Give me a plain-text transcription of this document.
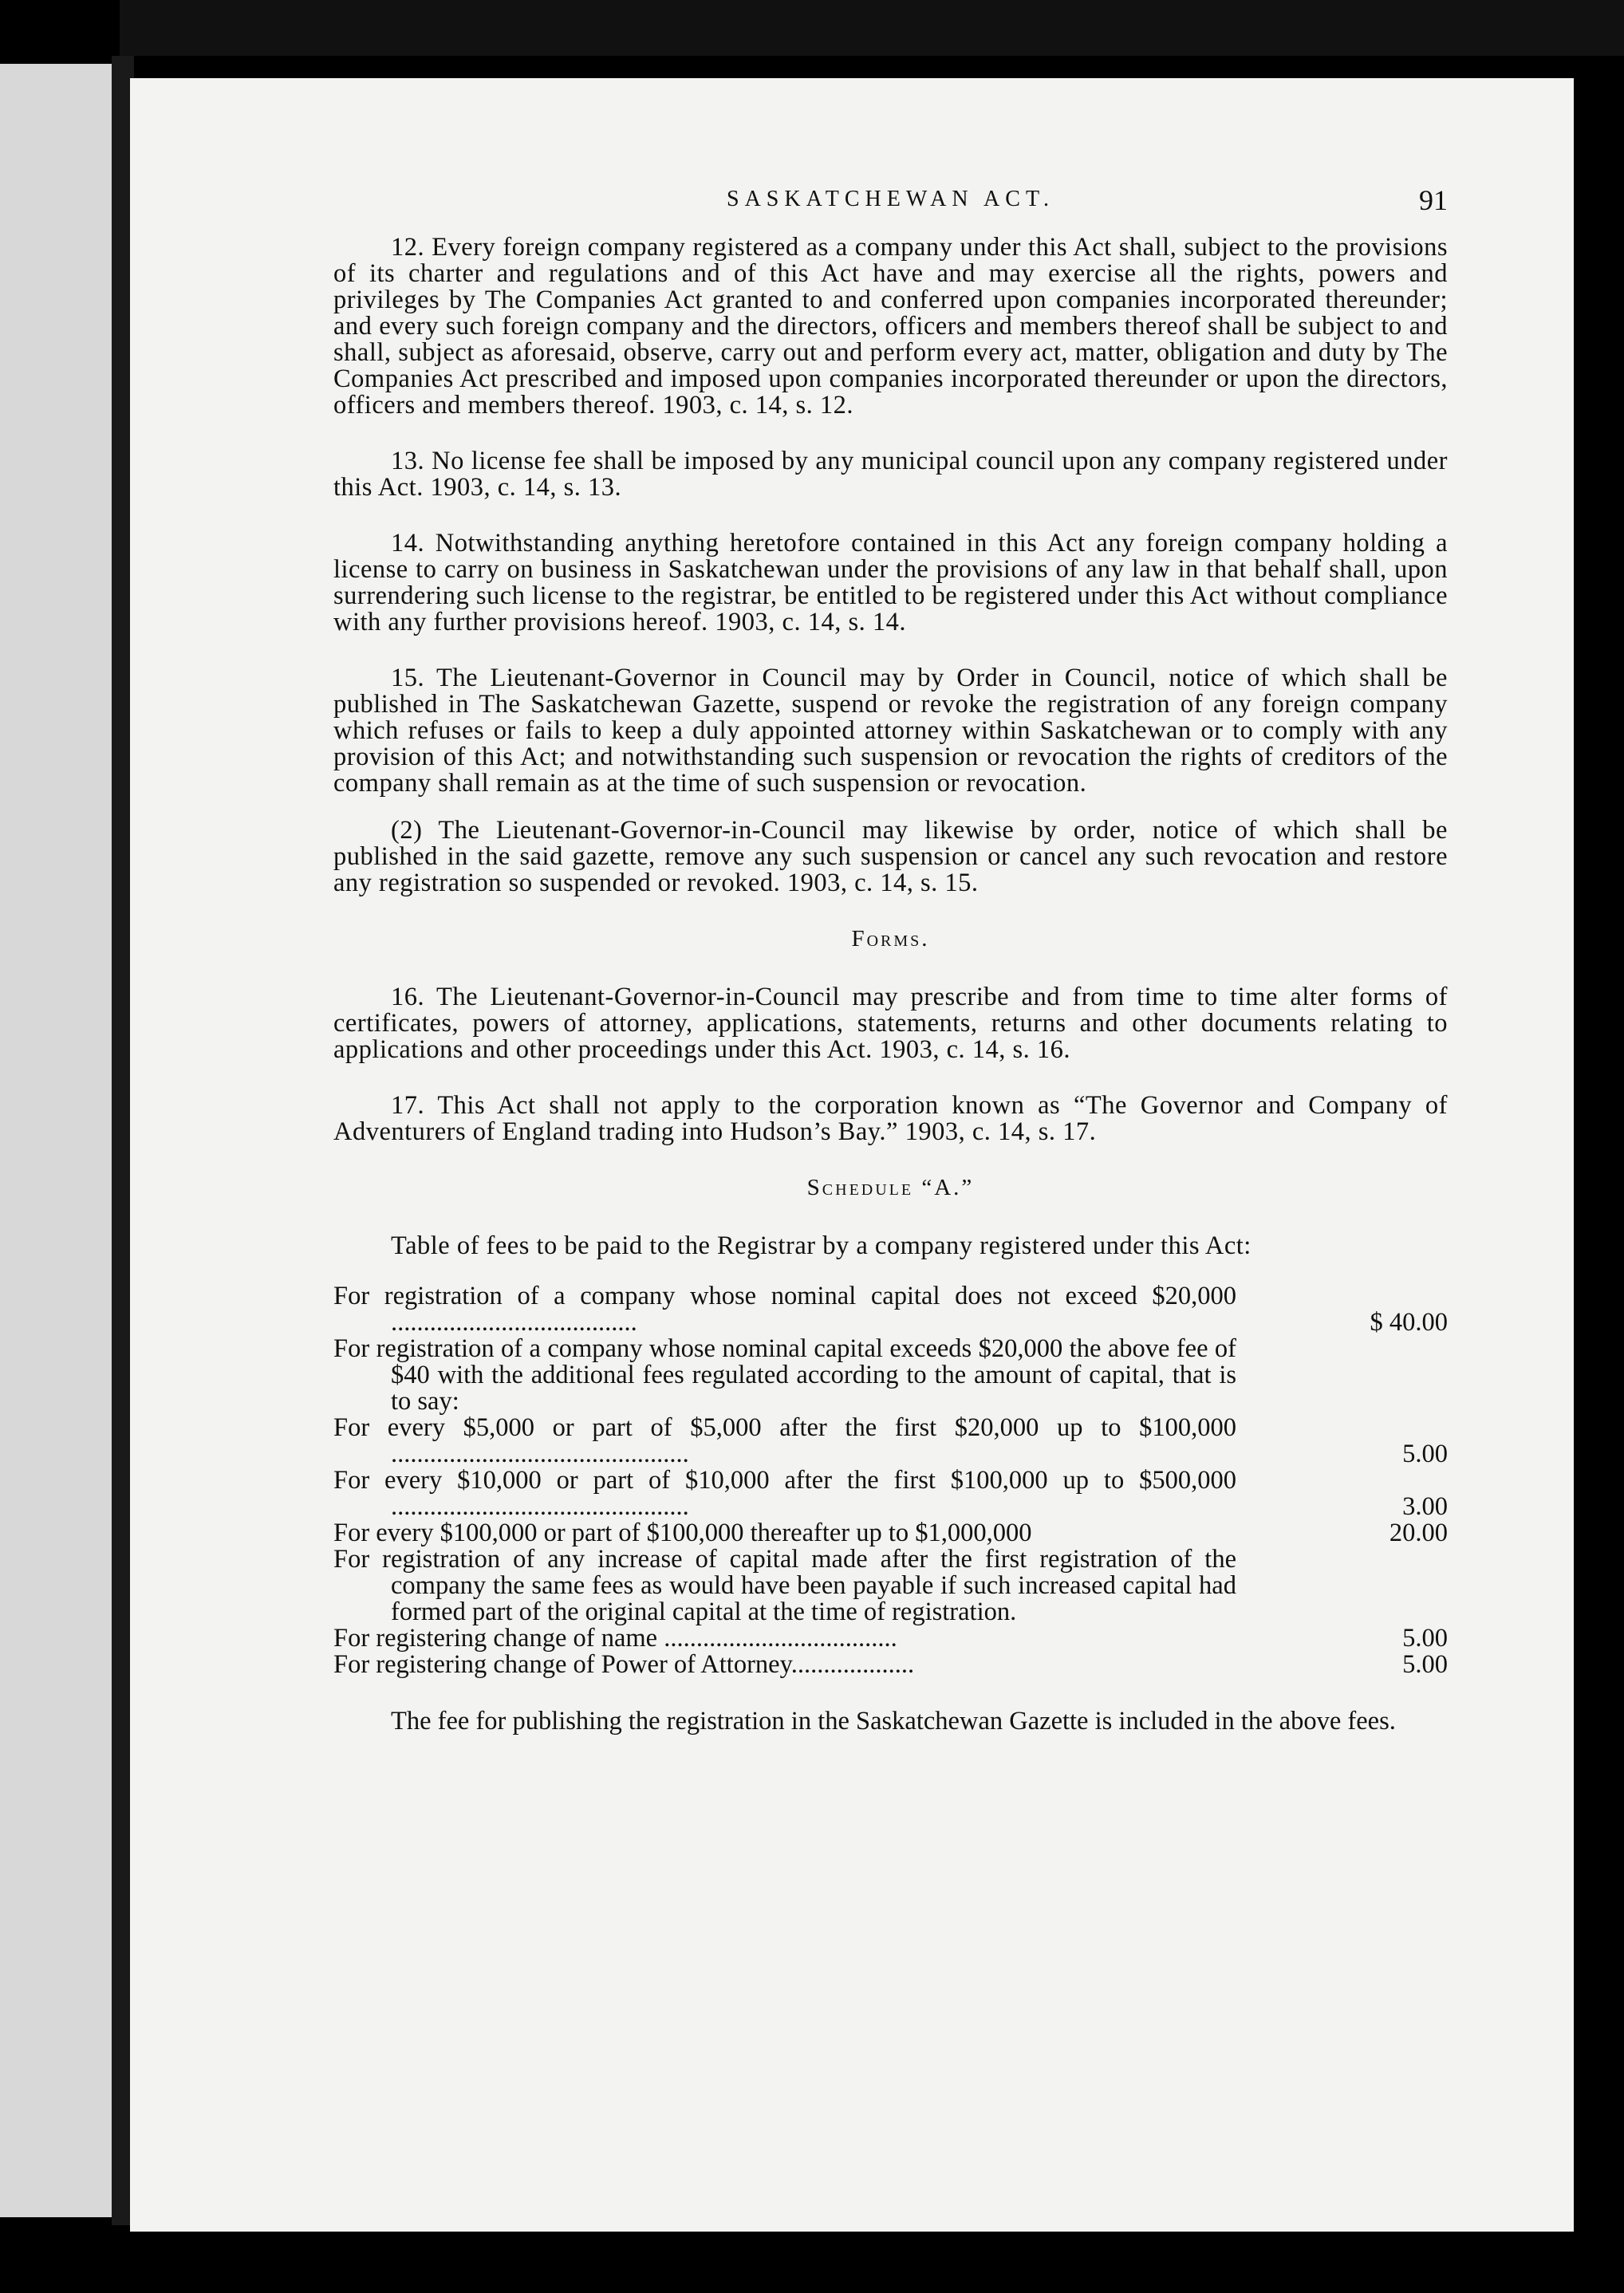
SASKATCHEWAN ACT.	91

12. Every foreign company registered as a company under this Act shall, subject to the provisions of its charter and regulations and of this Act have and may exercise all the rights, powers and privileges by The Companies Act granted to and conferred upon companies incorporated thereunder; and every such foreign company and the directors, officers and members thereof shall be subject to and shall, subject as aforesaid, observe, carry out and perform every act, matter, obligation and duty by The Companies Act prescribed and imposed upon companies incorporated thereunder or upon the directors, officers and members thereof. 1903, c. 14, s. 12.

13. No license fee shall be imposed by any municipal council upon any company registered under this Act. 1903, c. 14, s. 13.

14. Notwithstanding anything heretofore contained in this Act any foreign company holding a license to carry on business in Saskatchewan under the provisions of any law in that behalf shall, upon surrendering such license to the registrar, be entitled to be registered under this Act without compliance with any further provisions hereof. 1903, c. 14, s. 14.

15. The Lieutenant-Governor in Council may by Order in Council, notice of which shall be published in The Saskatchewan Gazette, suspend or revoke the registration of any foreign company which refuses or fails to keep a duly appointed attorney within Saskatchewan or to comply with any provision of this Act; and notwithstanding such suspension or revocation the rights of creditors of the company shall remain as at the time of such suspension or revocation.

(2) The Lieutenant-Governor-in-Council may likewise by order, notice of which shall be published in the said gazette, remove any such suspension or cancel any such revocation and restore any registration so suspended or revoked. 1903, c. 14, s. 15.

Forms.

16. The Lieutenant-Governor-in-Council may prescribe and from time to time alter forms of certificates, powers of attorney, applications, statements, returns and other documents relating to applications and other proceedings under this Act. 1903, c. 14, s. 16.

17. This Act shall not apply to the corporation known as “The Governor and Company of Adventurers of England trading into Hudson’s Bay.” 1903, c. 14, s. 17.

Schedule “A.”

Table of fees to be paid to the Registrar by a company registered under this Act:

For registration of a company whose nominal capital does not exceed $20,000 ......................................	$ 40.00
For registration of a company whose nominal capital exceeds $20,000 the above fee of $40 with the additional fees regulated according to the amount of capital, that is to say:
For every $5,000 or part of $5,000 after the first $20,000 up to $100,000 ..............................................	5.00
For every $10,000 or part of $10,000 after the first $100,000 up to $500,000 ..............................................	3.00
For every $100,000 or part of $100,000 thereafter up to $1,000,000	20.00
For registration of any increase of capital made after the first registration of the company the same fees as would have been payable if such increased capital had formed part of the original capital at the time of registration.
For registering change of name ....................................	5.00
For registering change of Power of Attorney...................	5.00

The fee for publishing the registration in the Saskatchewan Gazette is included in the above fees.
